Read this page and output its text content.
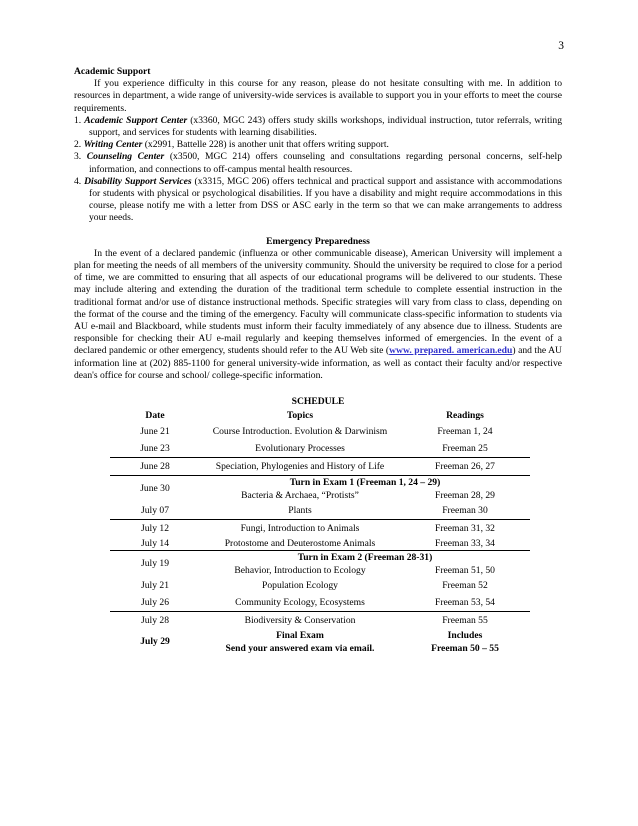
3
Academic Support

If you experience difficulty in this course for any reason, please do not hesitate consulting with me. In addition to resources in department, a wide range of university-wide services is available to support you in your efforts to meet the course requirements.

1. Academic Support Center (x3360, MGC 243) offers study skills workshops, individual instruction, tutor referrals, writing support, and services for students with learning disabilities.

2. Writing Center (x2991, Battelle 228) is another unit that offers writing support.

3. Counseling Center (x3500, MGC 214) offers counseling and consultations regarding personal concerns, self-help information, and connections to off-campus mental health resources.

4. Disability Support Services (x3315, MGC 206) offers technical and practical support and assistance with accommodations for students with physical or psychological disabilities. If you have a disability and might require accommodations in this course, please notify me with a letter from DSS or ASC early in the term so that we can make arrangements to address your needs.

Emergency Preparedness

In the event of a declared pandemic (influenza or other communicable disease), American University will implement a plan for meeting the needs of all members of the university community. Should the university be required to close for a period of time, we are committed to ensuring that all aspects of our educational programs will be delivered to our students. These may include altering and extending the duration of the traditional term schedule to complete essential instruction in the traditional format and/or use of distance instructional methods. Specific strategies will vary from class to class, depending on the format of the course and the timing of the emergency. Faculty will communicate class-specific information to students via AU e-mail and Blackboard, while students must inform their faculty immediately of any absence due to illness. Students are responsible for checking their AU e-mail regularly and keeping themselves informed of emergencies. In the event of a declared pandemic or other emergency, students should refer to the AU Web site (www. prepared. american.edu) and the AU information line at (202) 885-1100 for general university-wide information, as well as contact their faculty and/or respective dean's office for course and school/ college-specific information.

SCHEDULE
Date	Topics	Readings
June 21	Course Introduction. Evolution & Darwinism	Freeman 1, 24
June 23	Evolutionary Processes	Freeman 25
June 28	Speciation, Phylogenies and History of Life	Freeman 26, 27
June 30	Turn in Exam 1 (Freeman 1, 24 – 29)	
	Bacteria & Archaea, “Protists”	Freeman 28, 29
July 07	Plants	Freeman 30
July 12	Fungi, Introduction to Animals	Freeman 31, 32
July 14	Protostome and Deuterostome Animals	Freeman 33, 34
July 19	Turn in Exam 2 (Freeman 28-31)	
	Behavior, Introduction to Ecology	Freeman 51, 50
July 21	Population Ecology	Freeman 52
July 26	Community Ecology, Ecosystems	Freeman 53, 54
July 28	Biodiversity & Conservation	Freeman 55
July 29	Final Exam	Includes
	Send your answered exam via email.	Freeman 50 – 55
